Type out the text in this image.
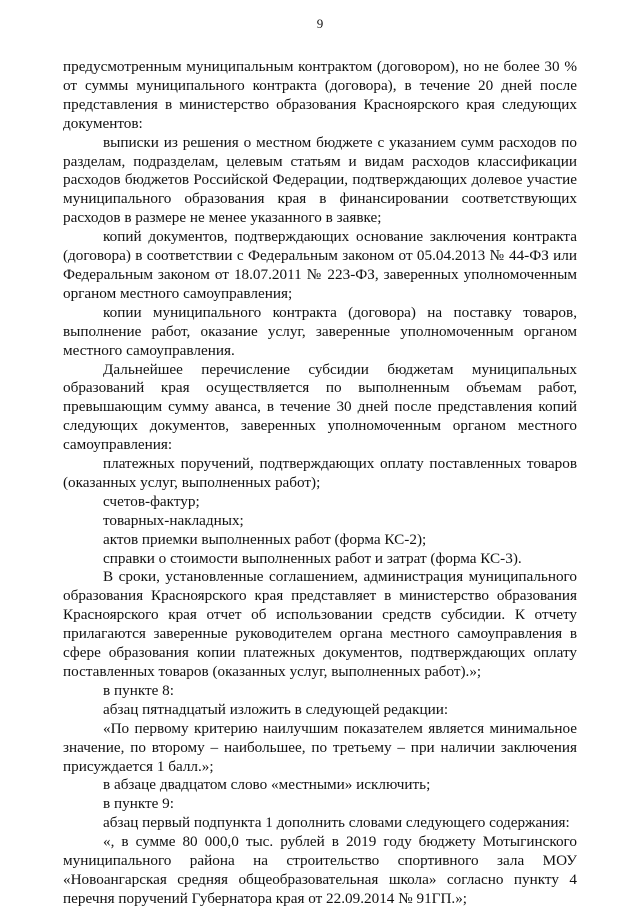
9

предусмотренным муниципальным контрактом (договором), но не более 30 % от суммы муниципального контракта (договора), в течение 20 дней после представления в министерство образования Красноярского края следующих документов:

выписки из решения о местном бюджете с указанием сумм расходов по разделам, подразделам, целевым статьям и видам расходов классификации расходов бюджетов Российской Федерации, подтверждающих долевое участие муниципального образования края в финансировании соответствующих расходов в размере не менее указанного в заявке;

копий документов, подтверждающих основание заключения контракта (договора) в соответствии с Федеральным законом от 05.04.2013 № 44-ФЗ или Федеральным законом от 18.07.2011 № 223-ФЗ, заверенных уполномоченным органом местного самоуправления;

копии муниципального контракта (договора) на поставку товаров, выполнение работ, оказание услуг, заверенные уполномоченным органом местного самоуправления.

Дальнейшее перечисление субсидии бюджетам муниципальных образований края осуществляется по выполненным объемам работ, превышающим сумму аванса, в течение 30 дней после представления копий следующих документов, заверенных уполномоченным органом местного самоуправления:

платежных поручений, подтверждающих оплату поставленных товаров (оказанных услуг, выполненных работ);

счетов-фактур;

товарных-накладных;

актов приемки выполненных работ (форма КС-2);

справки о стоимости выполненных работ и затрат (форма КС-3).

В сроки, установленные соглашением, администрация муниципального образования Красноярского края представляет в министерство образования Красноярского края отчет об использовании средств субсидии. К отчету прилагаются заверенные руководителем органа местного самоуправления в сфере образования копии платежных документов, подтверждающих оплату поставленных товаров (оказанных услуг, выполненных работ).»;

в пункте 8:

абзац пятнадцатый изложить в следующей редакции:

«По первому критерию наилучшим показателем является минимальное значение, по второму – наибольшее, по третьему – при наличии заключения присуждается 1 балл.»;

в абзаце двадцатом слово «местными» исключить;

в пункте 9:

абзац первый подпункта 1 дополнить словами следующего содержания:

«, в сумме 80 000,0 тыс. рублей в 2019 году бюджету Мотыгинского муниципального района на строительство спортивного зала МОУ «Новоангарская средняя общеобразовательная школа» согласно пункту 4 перечня поручений Губернатора края от 22.09.2014 № 91ГП.»;
